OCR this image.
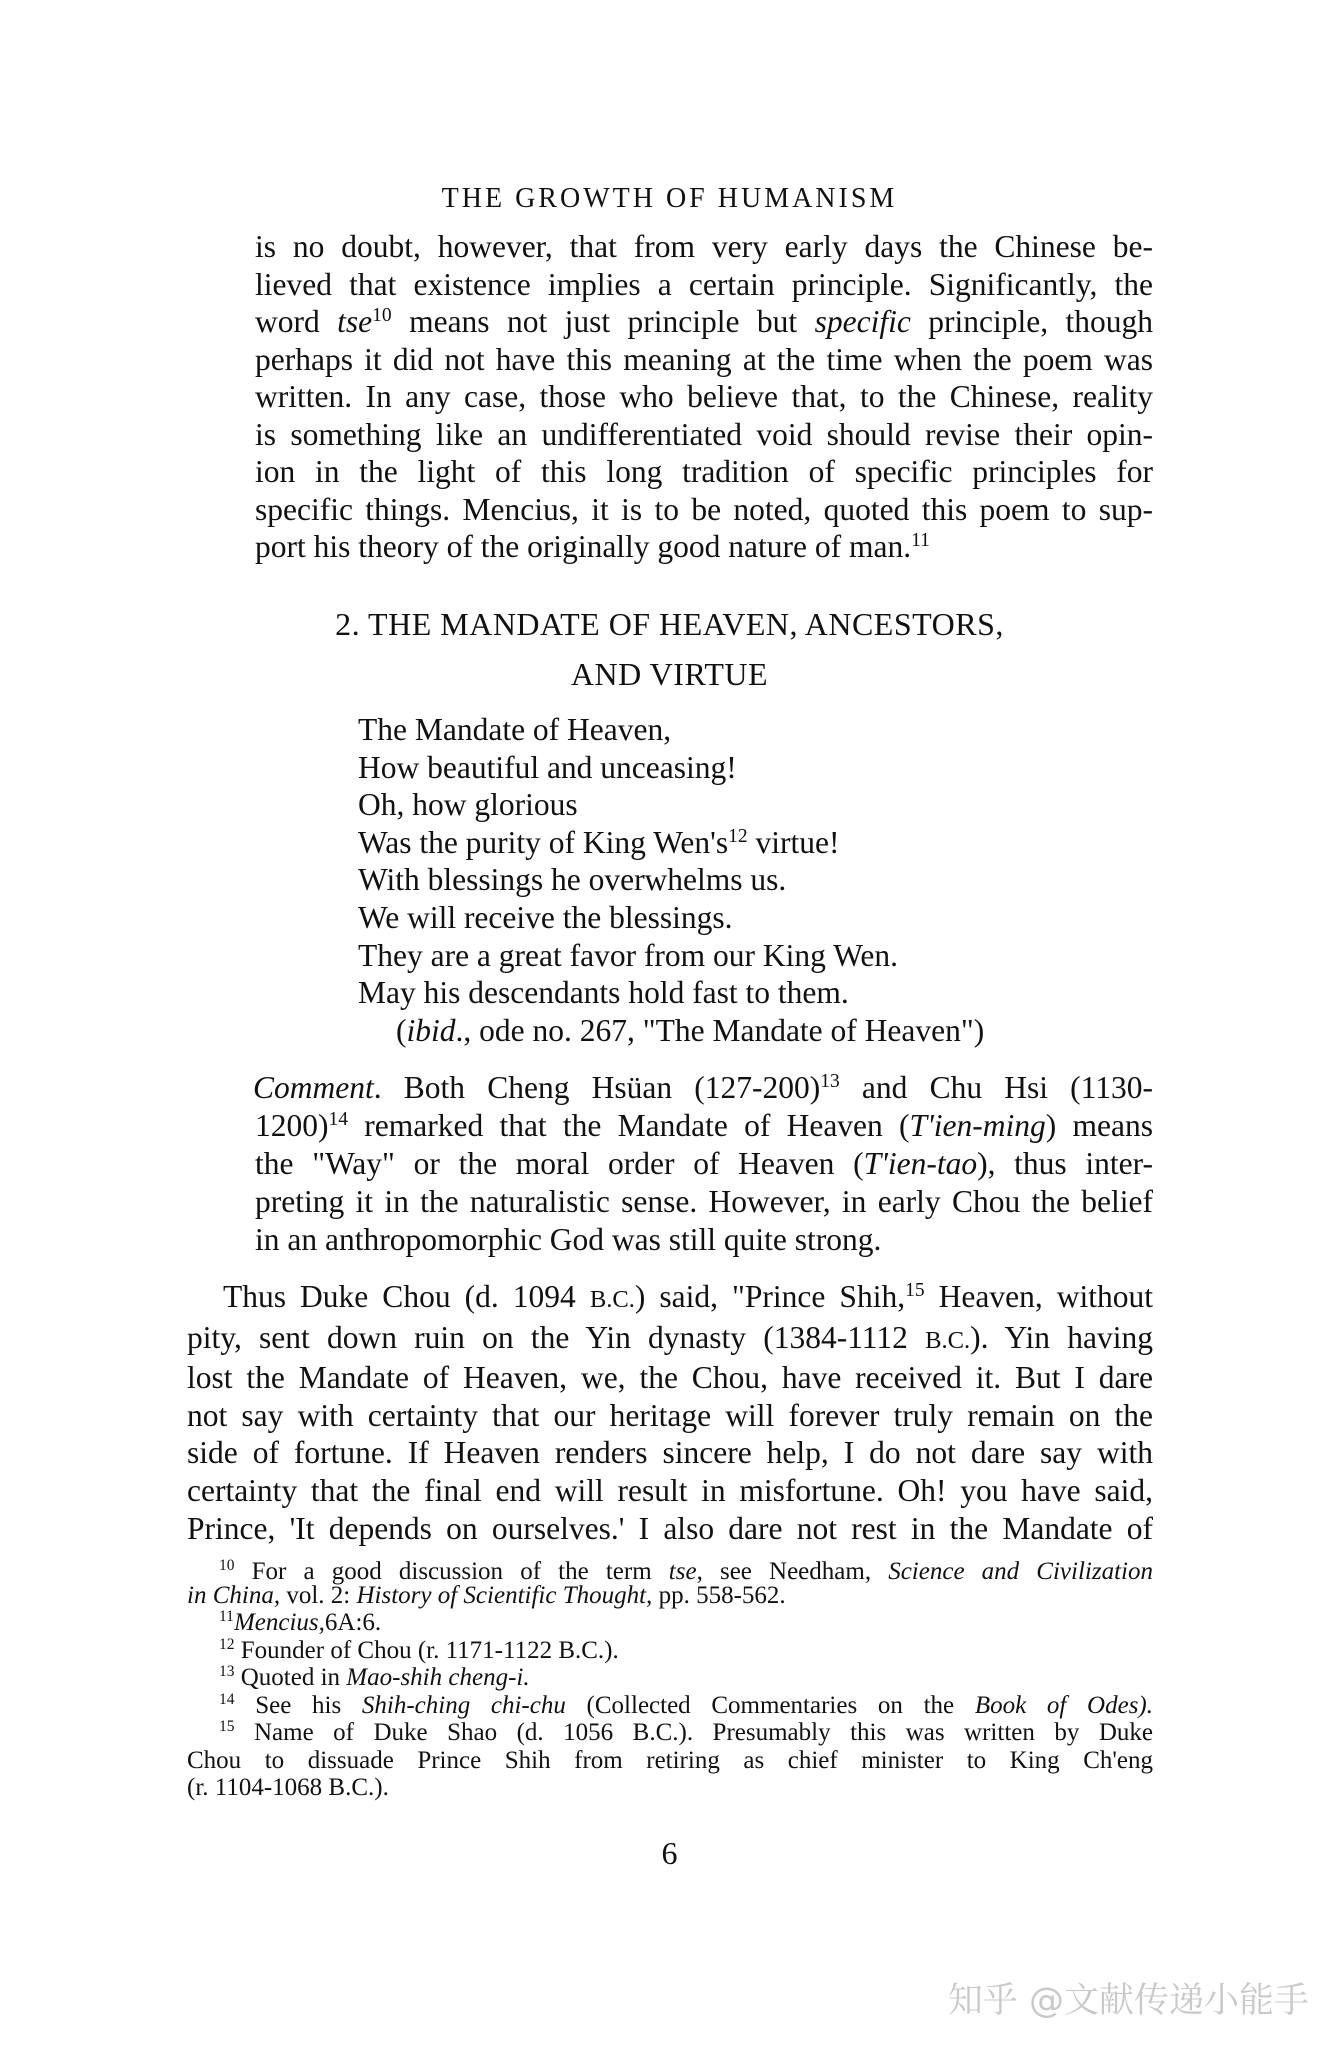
THE GROWTH OF HUMANISM
is no doubt, however, that from very early days the Chinese be-
lieved that existence implies a certain principle. Significantly, the
word tse$^{10}$ means not just principle but specific principle, though
perhaps it did not have this meaning at the time when the poem was
written. In any case, those who believe that, to the Chinese, reality
is something like an undifferentiated void should revise their opin-
ion in the light of this long tradition of specific principles for
specific things. Mencius, it is to be noted, quoted this poem to sup-
port his theory of the originally good nature of man.$^{11}$
2. THE MANDATE OF HEAVEN, ANCESTORS,
AND VIRTUE
The Mandate of Heaven,
How beautiful and unceasing!
Oh, how glorious
Was the purity of King $Wen's^{12}$ virtue!
With blessings he overwhelms us.
We will receive the blessings.
They are a great favor from our King Wen.
May his descendants hold fast to them.
(ibid., ode no. 267, "The Mandate of Heaven")
Comment. Both Cheng Hsüan $(127-200)^{13}$ and Chu Hsi (1130-
1200)$^{14}$ remarked that the Mandate of Heaven (T'ien-ming) means
the "Way" or the moral order of Heaven (T'ien-tao), thus inter-
preting it in the naturalistic sense. However, in early Chou the belief
in an anthropomorphic God was still quite strong.
Thus Duke Chou (d. 1094 B.C.) said, "Prince Shih,$^{15}$ Heaven, without
pity, sent down ruin on the Yin dynasty (1384-1112 B.C.). Yin having
lost the Mandate of Heaven, we, the Chou, have received it. But I dare
not say with certainty that our heritage will forever truly remain on the
side of fortune. If Heaven renders sincere help, I do not dare say with
certainty that the final end will result in misfortune. Oh! you have said,
Prince, 'It depends on ourselves.' I also dare not rest in the Mandate of
$^{10}$ For a good discussion of the term tse, see Needham, Science and Civilization
in China, vol. 2: History of Scientific Thought, pp. 558-562.
$^{11}$Mencius,6A:6.
$^{12}$ Founder of Chou (r. 1171-1122 B.C.).
$^{13}$ Quoted in Mao-shih cheng-i.
$^{14}$ See his Shih-ching chi-chu (Collected Commentaries on the Book of Odes).
$^{15}$ Name of Duke Shao (d. 1056 B.C.). Presumably this was written by Duke
Chou to dissuade Prince Shih from retiring as chief minister to King Ch'eng
(r. 1104-1068 B.C.).
6
知乎 @文献传递小能手
